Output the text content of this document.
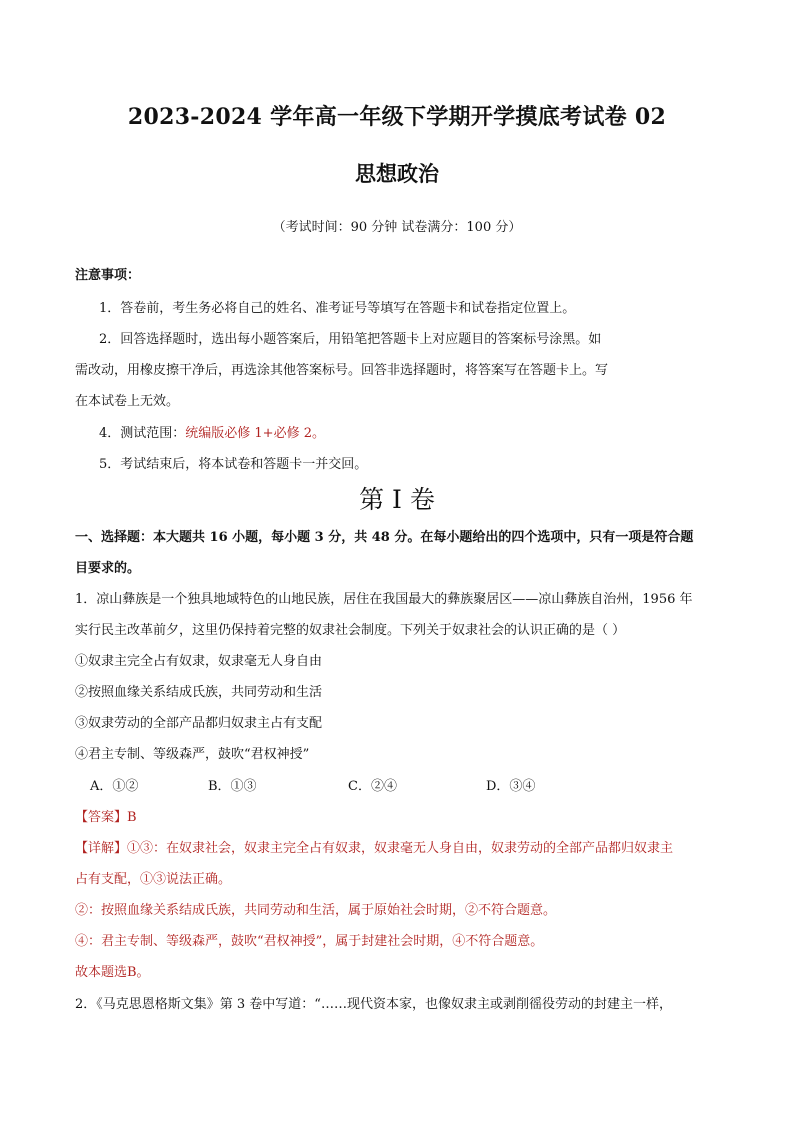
2023-2024 学年高一年级下学期开学摸底考试卷 02
思想政治
（考试时间：90 分钟 试卷满分：100 分）
注意事项：
1．答卷前，考生务必将自己的姓名、准考证号等填写在答题卡和试卷指定位置上。
2．回答选择题时，选出每小题答案后，用铅笔把答题卡上对应题目的答案标号涂黑。如
需改动，用橡皮擦干净后，再选涂其他答案标号。回答非选择题时，将答案写在答题卡上。写
在本试卷上无效。
4．测试范围：统编版必修 1+必修 2。
5．考试结束后，将本试卷和答题卡一并交回。
第 I 卷
一、选择题：本大题共 16 小题，每小题 3 分，共 48 分。在每小题给出的四个选项中，只有一项是符合题
目要求的。
1．凉山彝族是一个独具地域特色的山地民族，居住在我国最大的彝族聚居区——凉山彝族自治州，1956 年
实行民主改革前夕，这里仍保持着完整的奴隶社会制度。下列关于奴隶社会的认识正确的是（ ）
①奴隶主完全占有奴隶，奴隶毫无人身自由
②按照血缘关系结成氏族，共同劳动和生活
③奴隶劳动的全部产品都归奴隶主占有支配
④君主专制、等级森严，鼓吹“君权神授”
A．①②	B．①③	C．②④	D．③④
【答案】B
【详解】①③：在奴隶社会，奴隶主完全占有奴隶，奴隶毫无人身自由，奴隶劳动的全部产品都归奴隶主
占有支配，①③说法正确。
②：按照血缘关系结成氏族，共同劳动和生活，属于原始社会时期，②不符合题意。
④：君主专制、等级森严，鼓吹“君权神授”，属于封建社会时期，④不符合题意。
故本题选B。
2．《马克思恩格斯文集》第 3 卷中写道：“……现代资本家，也像奴隶主或剥削徭役劳动的封建主一样，
